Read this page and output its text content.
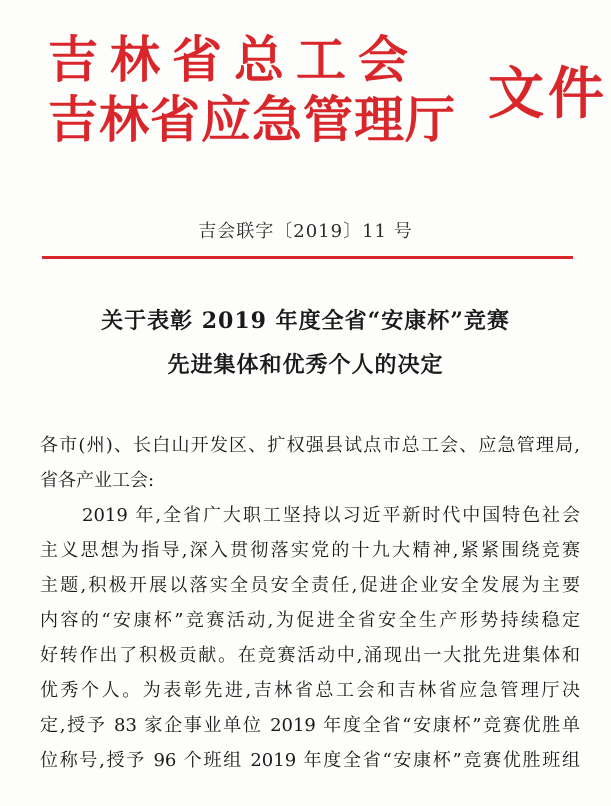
吉林省总工会
吉林省应急管理厅 文件
吉会联字〔2019〕11 号
关于表彰 2019 年度全省“安康杯”竞赛
先进集体和优秀个人的决定
各市(州)、长白山开发区、扩权强县试点市总工会、应急管理局,
省各产业工会:
2019 年,全省广大职工坚持以习近平新时代中国特色社会
主义思想为指导,深入贯彻落实党的十九大精神,紧紧围绕竞赛
主题,积极开展以落实全员安全责任,促进企业安全发展为主要
内容的“安康杯”竞赛活动,为促进全省安全生产形势持续稳定
好转作出了积极贡献。在竞赛活动中,涌现出一大批先进集体和
优秀个人。为表彰先进,吉林省总工会和吉林省应急管理厅决
定,授予 83 家企事业单位 2019 年度全省“安康杯”竞赛优胜单
位称号,授予 96 个班组 2019 年度全省“安康杯”竞赛优胜班组
